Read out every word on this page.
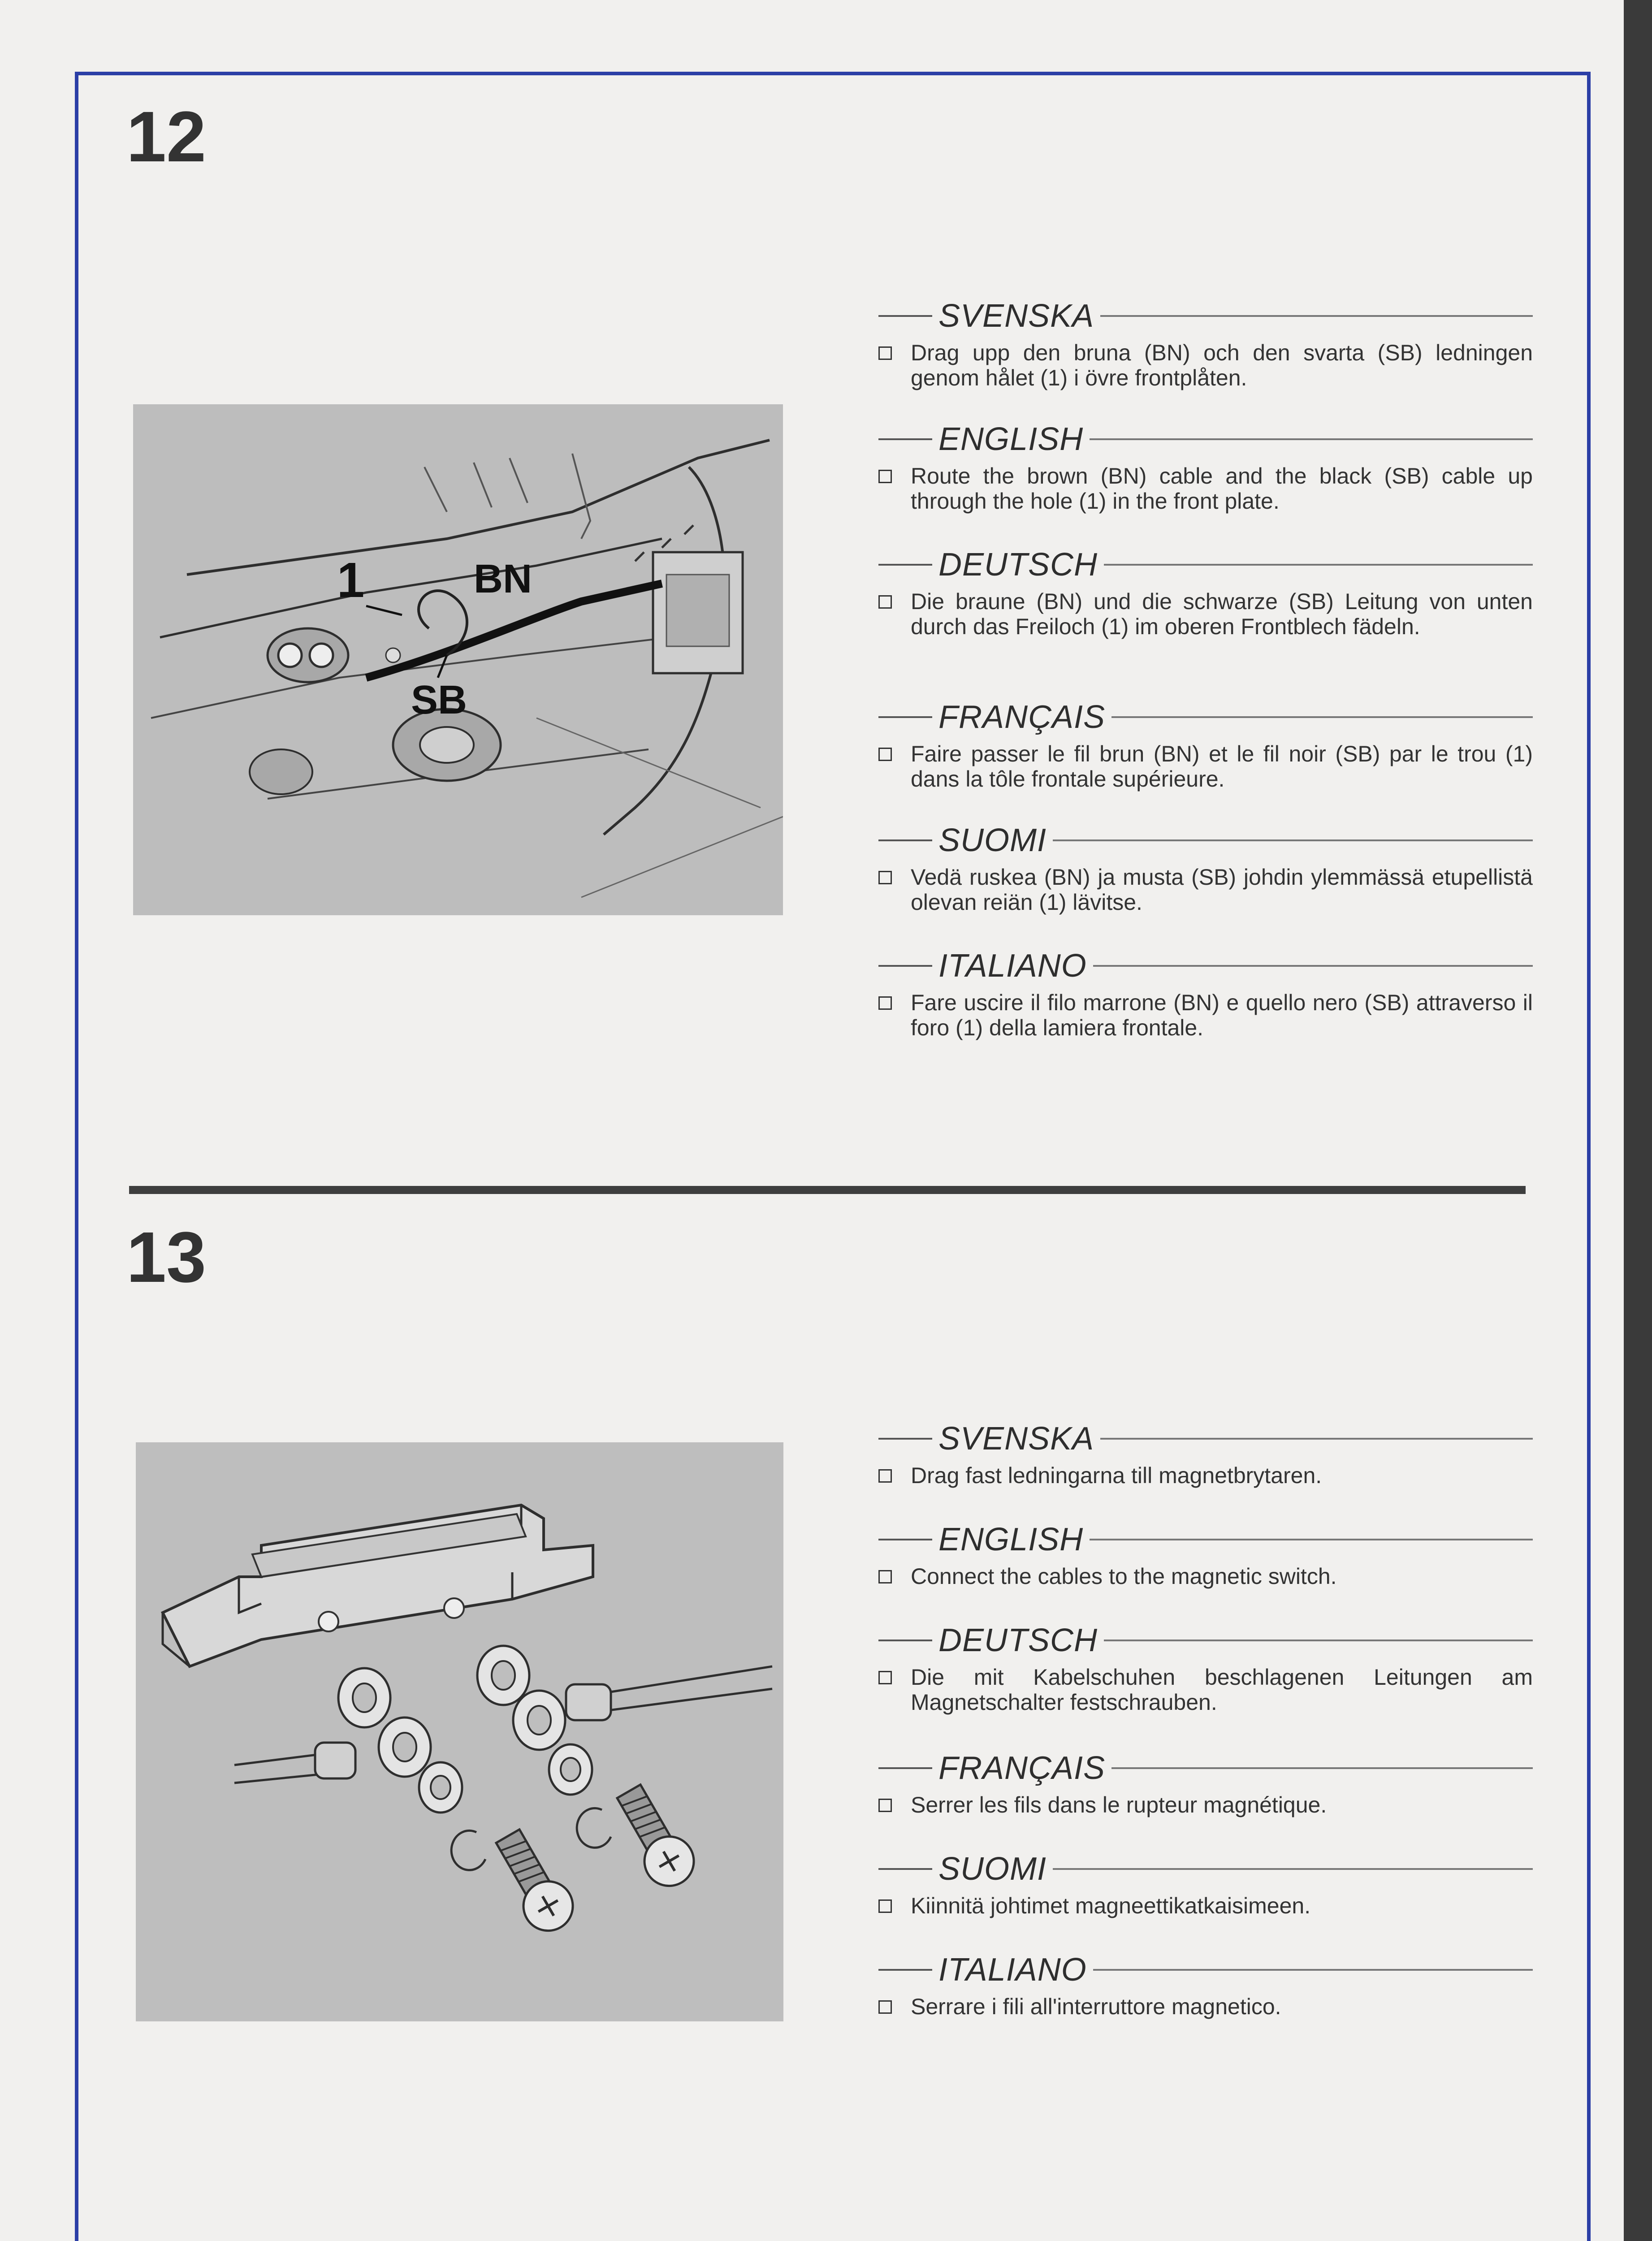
12
1	BN
SB
SVENSKA
Drag upp den bruna (BN) och den svarta (SB) ledningen genom hålet (1) i övre frontplåten.
ENGLISH
Route the brown (BN) cable and the black (SB) cable up through the hole (1) in the front plate.
DEUTSCH
Die braune (BN) und die schwarze (SB) Leitung von unten durch das Freiloch (1) im oberen Frontblech fädeln.
FRANÇAIS
Faire passer le fil brun (BN) et le fil noir (SB) par le trou (1) dans la tôle frontale supérieure.
SUOMI
Vedä ruskea (BN) ja musta (SB) johdin ylemmässä etupellistä olevan reiän (1) lävitse.
ITALIANO
Fare uscire il filo marrone (BN) e quello nero (SB) attraverso il foro (1) della lamiera frontale.
13
SVENSKA
Drag fast ledningarna till magnetbrytaren.
ENGLISH
Connect the cables to the magnetic switch.
DEUTSCH
Die mit Kabelschuhen beschlagenen Leitungen am Magnetschalter festschrauben.
FRANÇAIS
Serrer les fils dans le rupteur magnétique.
SUOMI
Kiinnitä johtimet magneettikatkaisimeen.
ITALIANO
Serrare i fili all'interruttore magnetico.
